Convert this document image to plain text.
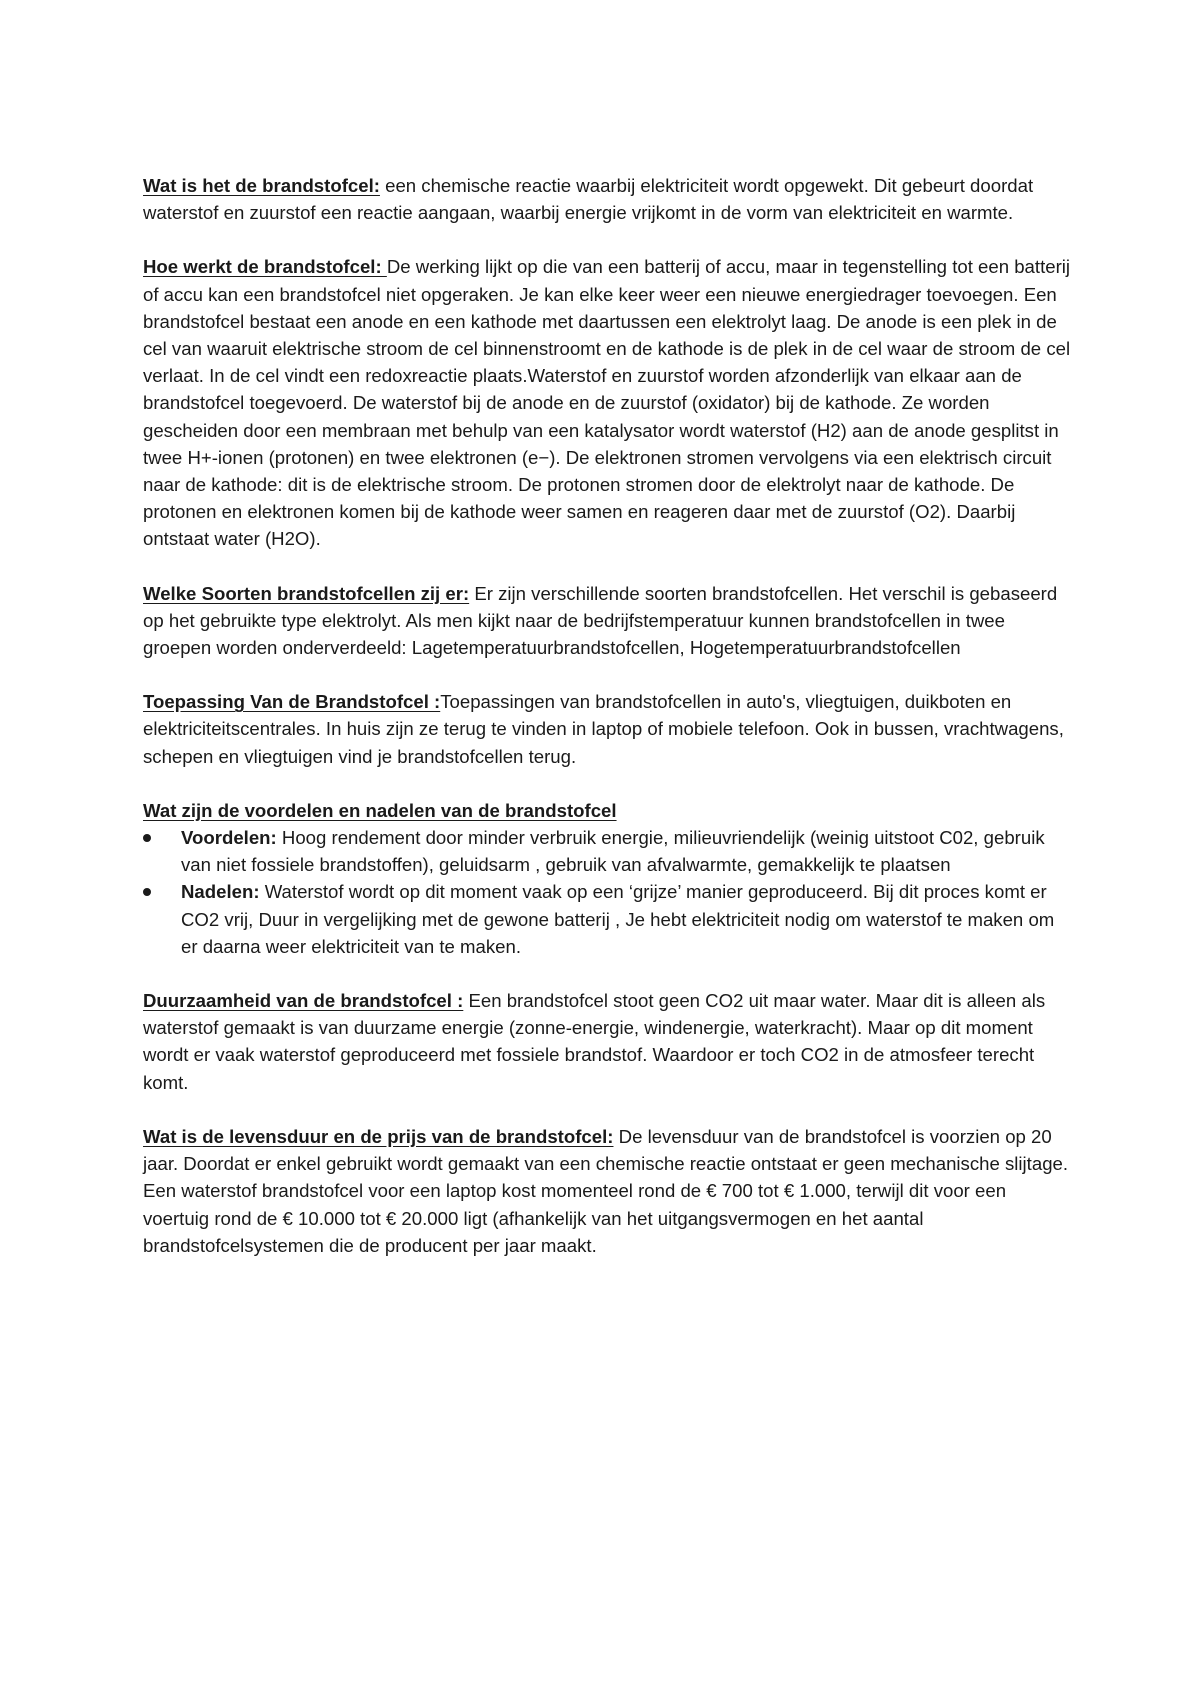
Wat is het de brandstofcel: een chemische reactie waarbij elektriciteit wordt opgewekt. Dit gebeurt doordat waterstof en zuurstof een reactie aangaan, waarbij energie vrijkomt in de vorm van elektriciteit en warmte.

Hoe werkt de brandstofcel: De werking lijkt op die van een batterij of accu, maar in tegenstelling tot een batterij of accu kan een brandstofcel niet opgeraken. Je kan elke keer weer een nieuwe energiedrager toevoegen. Een brandstofcel bestaat een anode en een kathode met daartussen een elektrolyt laag. De anode is een plek in de cel van waaruit elektrische stroom de cel binnenstroomt en de kathode is de plek in de cel waar de stroom de cel verlaat. In de cel vindt een redoxreactie plaats.Waterstof en zuurstof worden afzonderlijk van elkaar aan de brandstofcel toegevoerd. De waterstof bij de anode en de zuurstof (oxidator) bij de kathode. Ze worden gescheiden door een membraan met behulp van een katalysator wordt waterstof (H2) aan de anode gesplitst in twee H+-ionen (protonen) en twee elektronen (e−). De elektronen stromen vervolgens via een elektrisch circuit naar de kathode: dit is de elektrische stroom. De protonen stromen door de elektrolyt naar de kathode. De protonen en elektronen komen bij de kathode weer samen en reageren daar met de zuurstof (O2). Daarbij ontstaat water (H2O).

Welke Soorten brandstofcellen zij er: Er zijn verschillende soorten brandstofcellen. Het verschil is gebaseerd op het gebruikte type elektrolyt. Als men kijkt naar de bedrijfstemperatuur kunnen brandstofcellen in twee groepen worden onderverdeeld: Lagetemperatuurbrandstofcellen, Hogetemperatuurbrandstofcellen

Toepassing Van de Brandstofcel :Toepassingen van brandstofcellen in auto's, vliegtuigen, duikboten en elektriciteitscentrales. In huis zijn ze terug te vinden in laptop of mobiele telefoon. Ook in bussen, vrachtwagens, schepen en vliegtuigen vind je brandstofcellen terug.

Wat zijn de voordelen en nadelen van de brandstofcel

Voordelen: Hoog rendement door minder verbruik energie, milieuvriendelijk (weinig uitstoot C02, gebruik van niet fossiele brandstoffen), geluidsarm , gebruik van afvalwarmte, gemakkelijk te plaatsen
Nadelen: Waterstof wordt op dit moment vaak op een ‘grijze’ manier geproduceerd. Bij dit proces komt er CO2 vrij, Duur in vergelijking met de gewone batterij , Je hebt elektriciteit nodig om waterstof te maken om er daarna weer elektriciteit van te maken.

Duurzaamheid van de brandstofcel : Een brandstofcel stoot geen CO2 uit maar water. Maar dit is alleen als waterstof gemaakt is van duurzame energie (zonne-energie, windenergie, waterkracht). Maar op dit moment wordt er vaak waterstof geproduceerd met fossiele brandstof. Waardoor er toch CO2 in de atmosfeer terecht komt.

Wat is de levensduur en de prijs van de brandstofcel: De levensduur van de brandstofcel is voorzien op 20 jaar. Doordat er enkel gebruikt wordt gemaakt van een chemische reactie ontstaat er geen mechanische slijtage. Een waterstof brandstofcel voor een laptop kost momenteel rond de € 700 tot € 1.000, terwijl dit voor een voertuig rond de € 10.000 tot € 20.000 ligt (afhankelijk van het uitgangsvermogen en het aantal brandstofcelsystemen die de producent per jaar maakt.
